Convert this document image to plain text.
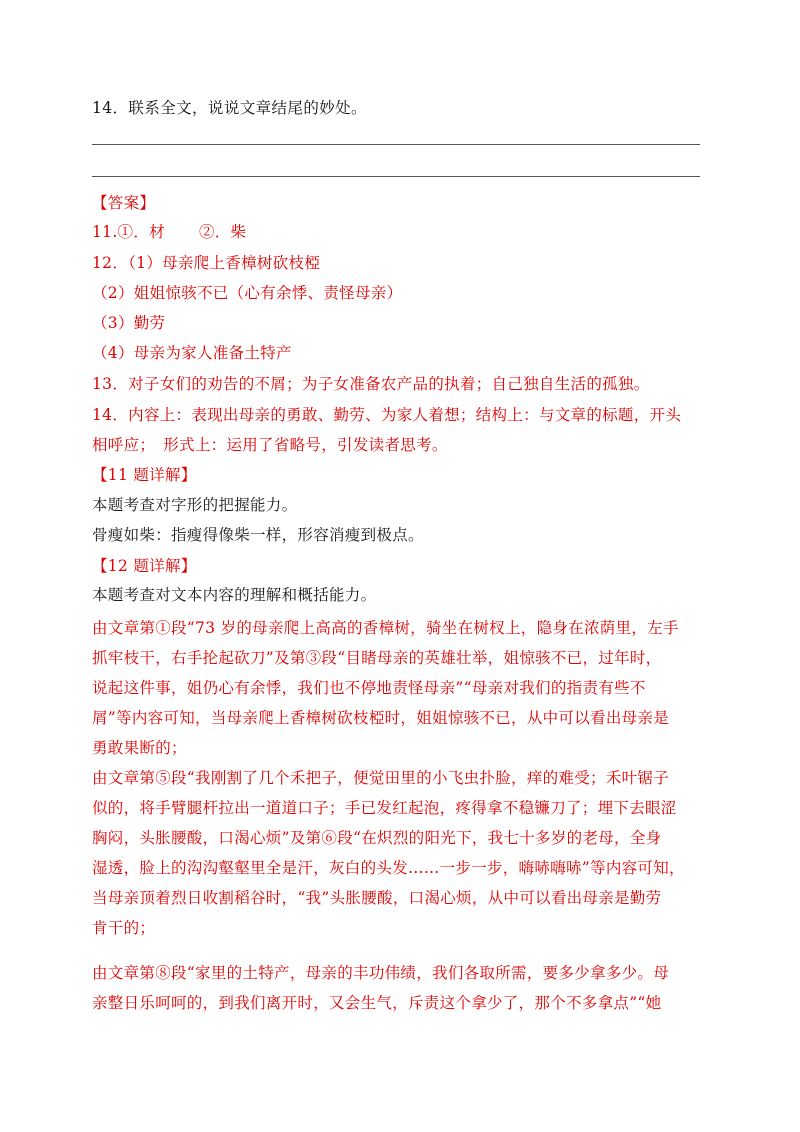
14．联系全文，说说文章结尾的妙处。
【答案】
11.①．材 ②．柴
12．（1）母亲爬上香樟树砍枝椏
（2）姐姐惊骇不已（心有余悸、责怪母亲）
（3）勤劳
（4）母亲为家人准备土特产
13．对子女们的劝告的不屑；为子女准备农产品的执着；自己独自生活的孤独。
14．内容上：表现出母亲的勇敢、勤劳、为家人着想；结构上：与文章的标题，开头
相呼应；　形式上：运用了省略号，引发读者思考。
【11 题详解】
本题考查对字形的把握能力。
骨瘦如柴：指瘦得像柴一样，形容消瘦到极点。
【12 题详解】
本题考查对文本内容的理解和概括能力。
由文章第①段“73 岁的母亲爬上高高的香樟树，骑坐在树杈上，隐身在浓荫里，左手
抓牢枝干，右手抡起砍刀”及第③段“目睹母亲的英雄壮举，姐惊骇不已，过年时，
说起这件事，姐仍心有余悸，我们也不停地责怪母亲”“母亲对我们的指责有些不
屑”等内容可知，当母亲爬上香樟树砍枝椏时，姐姐惊骇不已，从中可以看出母亲是
勇敢果断的；
由文章第⑤段“我刚割了几个禾把子，便觉田里的小飞虫扑脸，痒的难受；禾叶锯子
似的，将手臂腿杆拉出一道道口子；手已发红起泡，疼得拿不稳镰刀了；埋下去眼涩
胸闷，头胀腰酸，口渴心烦”及第⑥段“在炽烈的阳光下，我七十多岁的老母，全身
湿透，脸上的沟沟壑壑里全是汗，灰白的头发……一步一步，嗨哧嗨哧”等内容可知，
当母亲顶着烈日收割稻谷时，“我”头胀腰酸，口渴心烦，从中可以看出母亲是勤劳
肯干的；
由文章第⑧段“家里的土特产，母亲的丰功伟绩，我们各取所需，要多少拿多少。母
亲整日乐呵呵的，到我们离开时，又会生气，斥责这个拿少了，那个不多拿点”“她
